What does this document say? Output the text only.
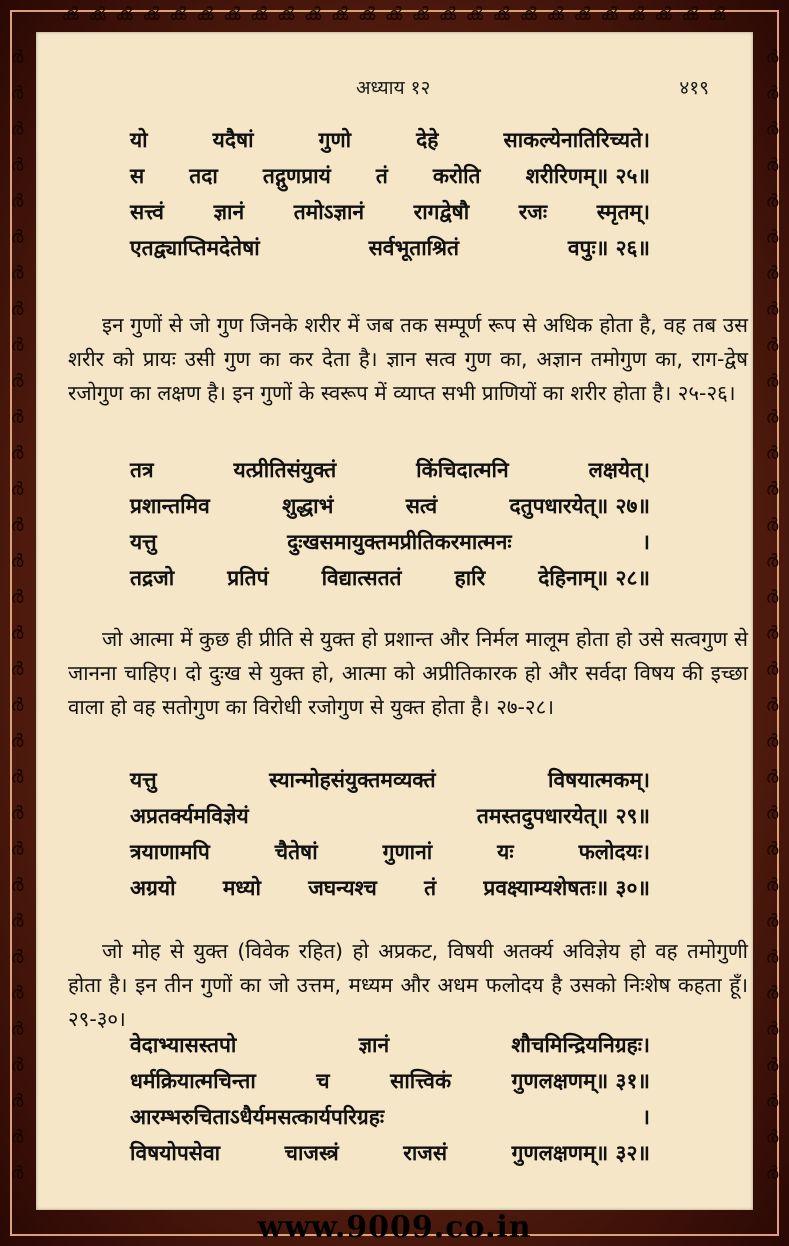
ൿ ൿ ൿ ൿ ൿ ൿ ൿ ൿ ൿ ൿ ൿ ൿ ൿ ൿ ൿ ൿ ൿ ൿ ൿ ൿ ൿ ൿ ൿ ൿ ൿ
ർ
ർ
ർ
ർ
ർ
ർ
ർ
ർ
ർ
ർ
ർ
ർ
ർ
ർ
ർ
ർ
ർ
ർ
ർ
ർ
ർ
ർ
ർ
ർ
ർ
ർ
ർ
ർ
ർ
ർ
ർ
ർ
ർ
ർ
ർ
ർ
ർ
ർ
ർ
ർ
ർ
ർ
ർ
ർ
ർ
ർ
ർ
ർ
ർ
ർ
ർ
ർ
ർ
ർ
ർ
ർ
ർ
ർ
ർ
ർ
ർ
ർ
ർ
ർ
अध्याय १२	४१९
यो	यदैषां	गुणो	देहे	साकल्येनातिरिच्यते।
स तदा तद्गुणप्रायं तं करोति शरीरिणम्॥ २५॥
सत्त्वं ज्ञानं तमोऽज्ञानं रागद्वेषौ रजः स्मृतम्।
एतद्व्याप्तिमदेतेषां	सर्वभूताश्रितं	वपुः॥ २६॥

इन गुणों से जो गुण जिनके शरीर में जब तक सम्पूर्ण रूप से अधिक होता है, वह तब उस शरीर को प्रायः उसी गुण का कर देता है। ज्ञान सत्व गुण का, अज्ञान तमोगुण का, राग-द्वेष रजोगुण का लक्षण है। इन गुणों के स्वरूप में व्याप्त सभी प्राणियों का शरीर होता है। २५-२६।

तत्र	यत्प्रीतिसंयुक्तं	किंचिदात्मनि	लक्षयेत्।
प्रशान्तमिव	शुद्धाभं	सत्वं	दतुपधारयेत्॥ २७॥
यत्तु	दुःखसमायुक्तमप्रीतिकरमात्मनः	।
तद्रजो	प्रतिपं	विद्यात्सततं	हारि	देहिनाम्॥ २८॥

जो आत्मा में कुछ ही प्रीति से युक्त हो प्रशान्त और निर्मल मालूम होता हो उसे सत्वगुण से जानना चाहिए। दो दुःख से युक्त हो, आत्मा को अप्रीतिकारक हो और सर्वदा विषय की इच्छा वाला हो वह सतोगुण का विरोधी रजोगुण से युक्त होता है। २७-२८।

यत्तु	स्यान्मोहसंयुक्तमव्यक्तं	विषयात्मकम्।
अप्रतर्क्यमविज्ञेयं	तमस्तदुपधारयेत्॥ २९॥
त्रयाणामपि	चैतेषां	गुणानां	यः	फलोदयः।
अग्रयो मध्यो जघन्यश्च तं प्रवक्ष्याम्यशेषतः॥ ३०॥

जो मोह से युक्त (विवेक रहित) हो अप्रकट, विषयी अतर्क्य अविज्ञेय हो वह तमोगुणी होता है। इन तीन गुणों का जो उत्तम, मध्यम और अधम फलोदय है उसको निःशेष कहता हूँ। २९-३०।

वेदाभ्यासस्तपो	ज्ञानं	शौचमिन्द्रियनिग्रहः।
धर्मक्रियात्मचिन्ता	च	सात्त्विकं	गुणलक्षणम्॥ ३१॥
आरम्भरुचिताऽधैर्यमसत्कार्यपरिग्रहः	।
विषयोपसेवा	चाजस्त्रं	राजसं	गुणलक्षणम्॥ ३२॥
www.9009.co.in
